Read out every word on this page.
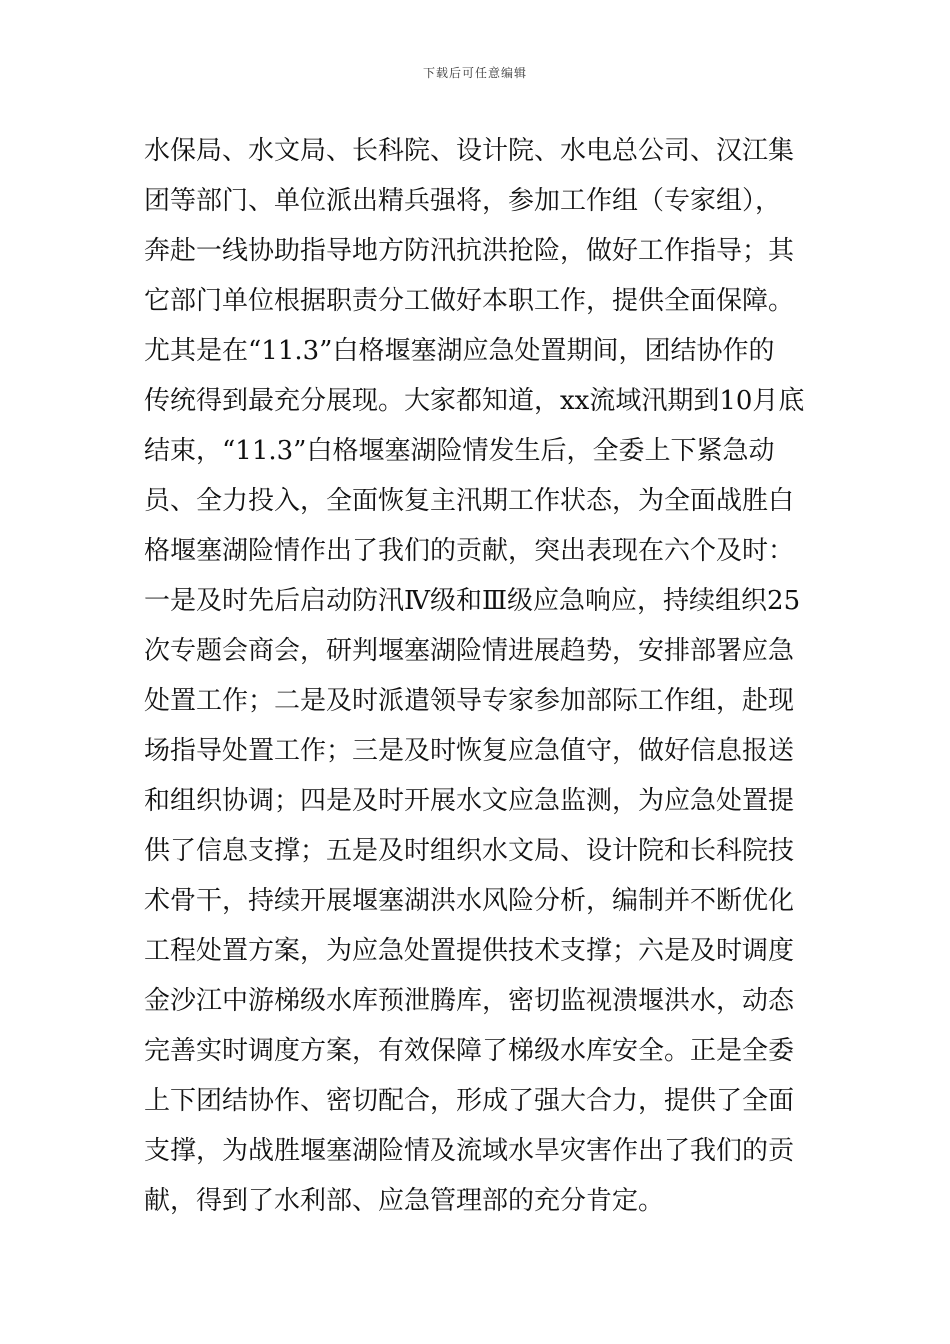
下载后可任意编辑
水保局、水文局、长科院、设计院、水电总公司、汉江集
团等部门、单位派出精兵强将，参加工作组（专家组），
奔赴一线协助指导地方防汛抗洪抢险，做好工作指导；其
它部门单位根据职责分工做好本职工作，提供全面保障。
尤其是在“11.3”白格堰塞湖应急处置期间，团结协作的
传统得到最充分展现。大家都知道，xx流域汛期到10月底
结束，“11.3”白格堰塞湖险情发生后，全委上下紧急动
员、全力投入，全面恢复主汛期工作状态，为全面战胜白
格堰塞湖险情作出了我们的贡献，突出表现在六个及时：
一是及时先后启动防汛Ⅳ级和Ⅲ级应急响应，持续组织25
次专题会商会，研判堰塞湖险情进展趋势，安排部署应急
处置工作；二是及时派遣领导专家参加部际工作组，赴现
场指导处置工作；三是及时恢复应急值守，做好信息报送
和组织协调；四是及时开展水文应急监测，为应急处置提
供了信息支撑；五是及时组织水文局、设计院和长科院技
术骨干，持续开展堰塞湖洪水风险分析，编制并不断优化
工程处置方案，为应急处置提供技术支撑；六是及时调度
金沙江中游梯级水库预泄腾库，密切监视溃堰洪水，动态
完善实时调度方案，有效保障了梯级水库安全。正是全委
上下团结协作、密切配合，形成了强大合力，提供了全面
支撑，为战胜堰塞湖险情及流域水旱灾害作出了我们的贡
献，得到了水利部、应急管理部的充分肯定。
